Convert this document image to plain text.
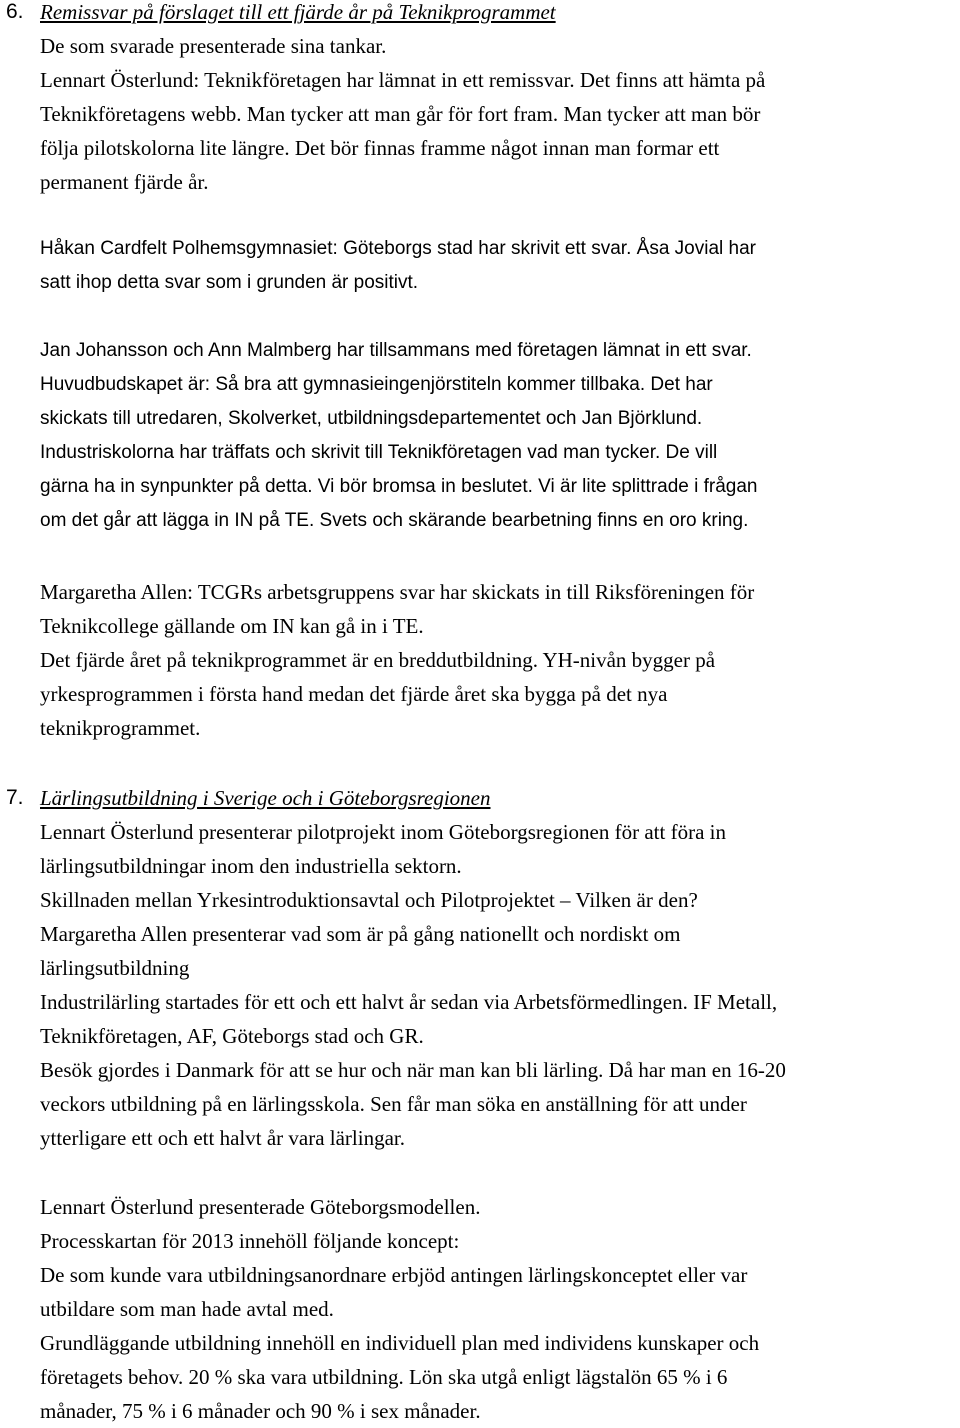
6. Remissvar på förslaget till ett fjärde år på Teknikprogrammet
De som svarade presenterade sina tankar.
Lennart Österlund: Teknikföretagen har lämnat in ett remissvar. Det finns att hämta på
Teknikföretagens webb. Man tycker att man går för fort fram. Man tycker att man bör
följa pilotskolorna lite längre. Det bör finnas framme något innan man formar ett
permanent fjärde år.
Håkan Cardfelt Polhemsgymnasiet: Göteborgs stad har skrivit ett svar. Åsa Jovial har
satt ihop detta svar som i grunden är positivt.
Jan Johansson och Ann Malmberg har tillsammans med företagen lämnat in ett svar.
Huvudbudskapet är: Så bra att gymnasieingenjörstiteln kommer tillbaka. Det har
skickats till utredaren, Skolverket, utbildningsdepartementet och Jan Björklund.
Industriskolorna har träffats och skrivit till Teknikföretagen vad man tycker. De vill
gärna ha in synpunkter på detta. Vi bör bromsa in beslutet. Vi är lite splittrade i frågan
om det går att lägga in IN på TE. Svets och skärande bearbetning finns en oro kring.
Margaretha Allen: TCGRs arbetsgruppens svar har skickats in till Riksföreningen för
Teknikcollege gällande om IN kan gå in i TE.
Det fjärde året på teknikprogrammet är en breddutbildning. YH-nivån bygger på
yrkesprogrammen i första hand medan det fjärde året ska bygga på det nya
teknikprogrammet.
7. Lärlingsutbildning i Sverige och i Göteborgsregionen
Lennart Österlund presenterar pilotprojekt inom Göteborgsregionen för att föra in
lärlingsutbildningar inom den industriella sektorn.
Skillnaden mellan Yrkesintroduktionsavtal och Pilotprojektet – Vilken är den?
Margaretha Allen presenterar vad som är på gång nationellt och nordiskt om
lärlingsutbildning
Industrilärling startades för ett och ett halvt år sedan via Arbetsförmedlingen. IF Metall,
Teknikföretagen, AF, Göteborgs stad och GR.
Besök gjordes i Danmark för att se hur och när man kan bli lärling. Då har man en 16-20
veckors utbildning på en lärlingsskola. Sen får man söka en anställning för att under
ytterligare ett och ett halvt år vara lärlingar.
Lennart Österlund presenterade Göteborgsmodellen.
Processkartan för 2013 innehöll följande koncept:
De som kunde vara utbildningsanordnare erbjöd antingen lärlingskonceptet eller var
utbildare som man hade avtal med.
Grundläggande utbildning innehöll en individuell plan med individens kunskaper och
företagets behov. 20 % ska vara utbildning. Lön ska utgå enligt lägstalön 65 % i 6
månader, 75 % i 6 månader och 90 % i sex månader.
